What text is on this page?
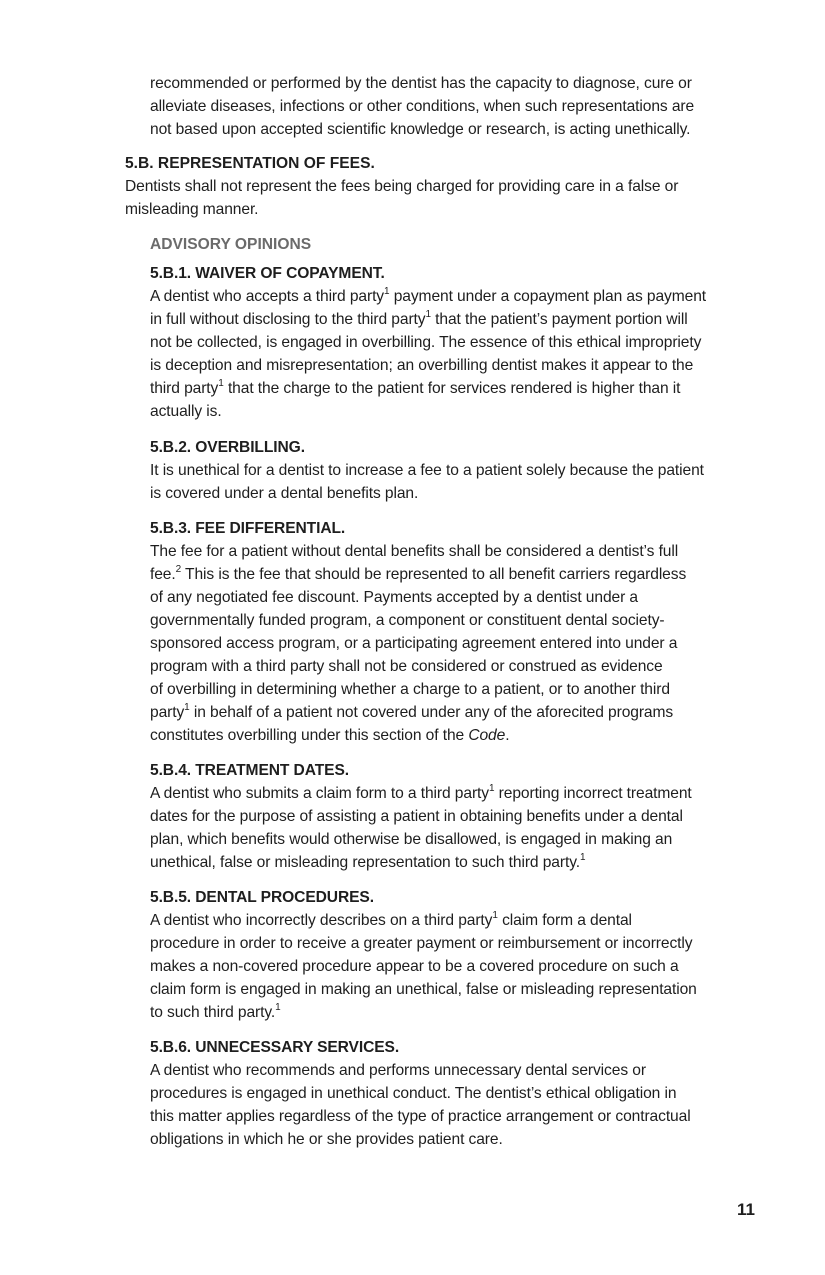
recommended or performed by the dentist has the capacity to diagnose, cure or
alleviate diseases, infections or other conditions, when such representations are
not based upon accepted scientific knowledge or research, is acting unethically.
5.B. REPRESENTATION OF FEES.
Dentists shall not represent the fees being charged for providing care in a false or
misleading manner.
ADVISORY OPINIONS
5.B.1. WAIVER OF COPAYMENT.
A dentist who accepts a third party$^1$ payment under a copayment plan as payment
in full without disclosing to the third party$^1$ that the patient’s payment portion will
not be collected, is engaged in overbilling. The essence of this ethical impropriety
is deception and misrepresentation; an overbilling dentist makes it appear to the
third party$^1$ that the charge to the patient for services rendered is higher than it
actually is.
5.B.2. OVERBILLING.
It is unethical for a dentist to increase a fee to a patient solely because the patient
is covered under a dental benefits plan.
5.B.3. FEE DIFFERENTIAL.
The fee for a patient without dental benefits shall be considered a dentist’s full
fee.$^2$ This is the fee that should be represented to all benefit carriers regardless
of any negotiated fee discount. Payments accepted by a dentist under a
governmentally funded program, a component or constituent dental society-
sponsored access program, or a participating agreement entered into under a
program with a third party shall not be considered or construed as evidence
of overbilling in determining whether a charge to a patient, or to another third
party$^1$ in behalf of a patient not covered under any of the aforecited programs
constitutes overbilling under this section of the Code.
5.B.4. TREATMENT DATES.
A dentist who submits a claim form to a third party$^1$ reporting incorrect treatment
dates for the purpose of assisting a patient in obtaining benefits under a dental
plan, which benefits would otherwise be disallowed, is engaged in making an
unethical, false or misleading representation to such third party.$^1$
5.B.5. DENTAL PROCEDURES.
A dentist who incorrectly describes on a third party$^1$ claim form a dental
procedure in order to receive a greater payment or reimbursement or incorrectly
makes a non-covered procedure appear to be a covered procedure on such a
claim form is engaged in making an unethical, false or misleading representation
to such third party.$^1$
5.B.6. UNNECESSARY SERVICES.
A dentist who recommends and performs unnecessary dental services or
procedures is engaged in unethical conduct. The dentist’s ethical obligation in
this matter applies regardless of the type of practice arrangement or contractual
obligations in which he or she provides patient care.
11
